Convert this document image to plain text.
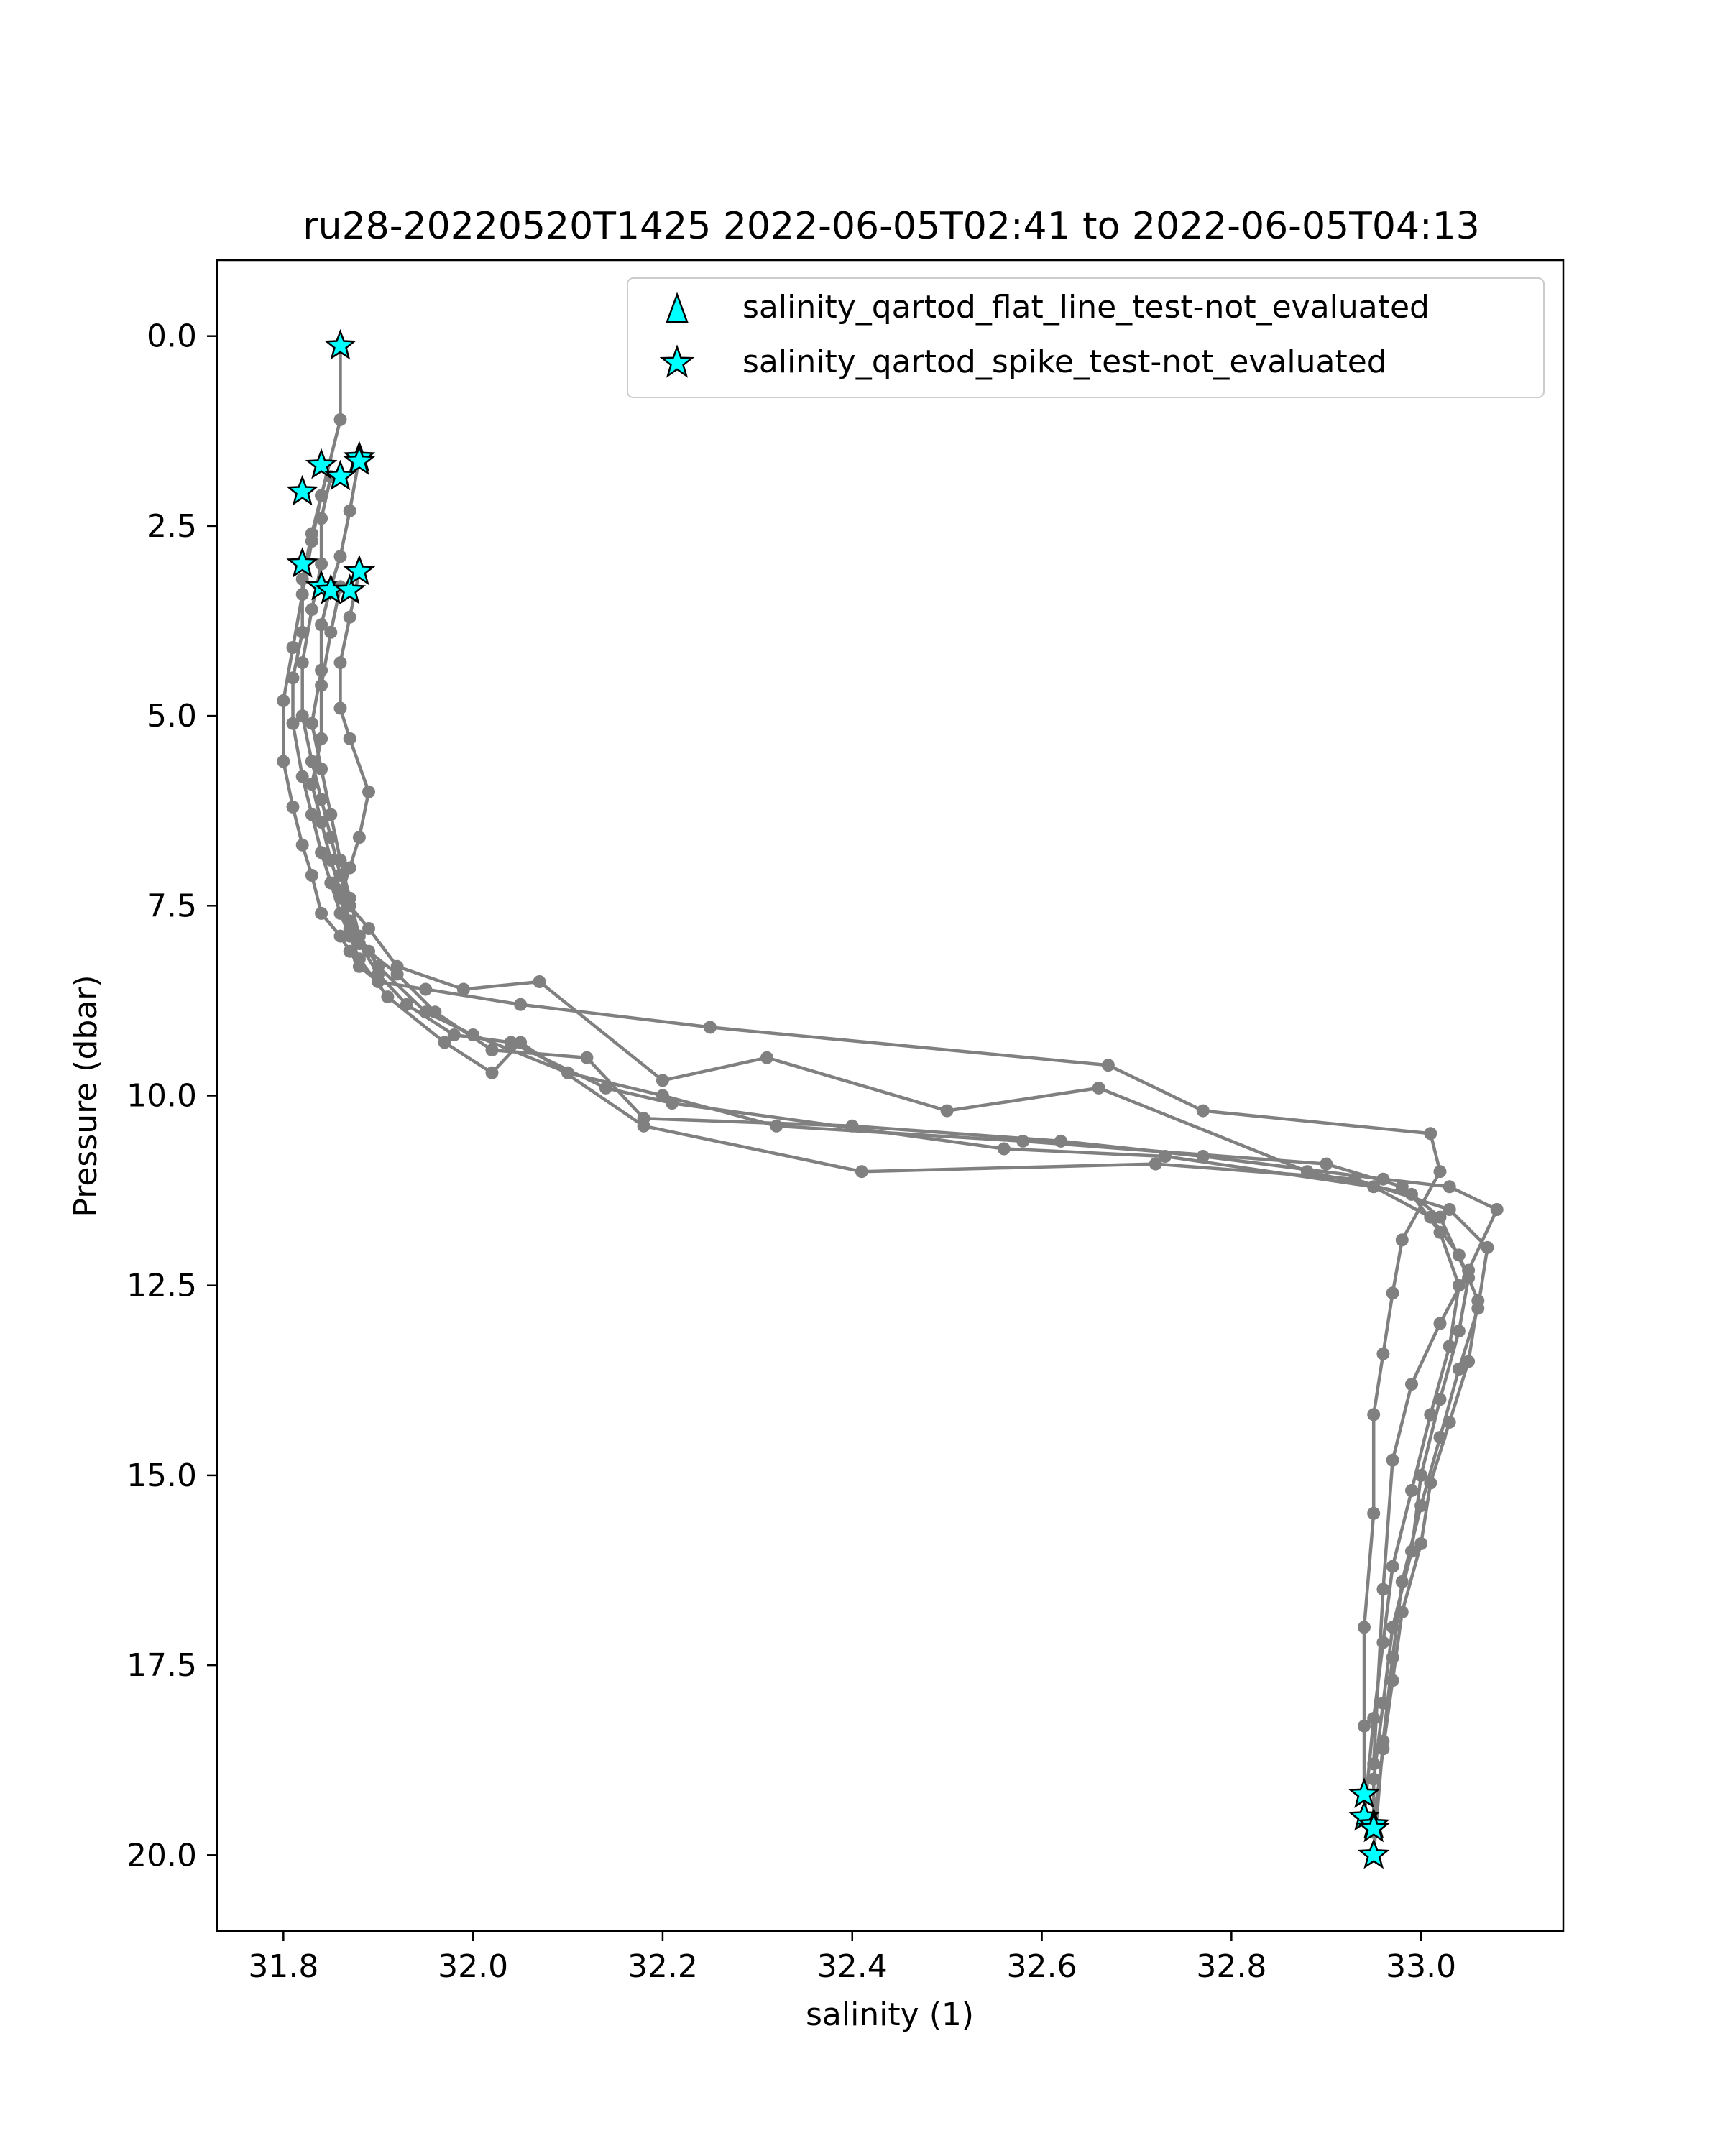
ru28-20220520T1425 2022-06-05T02:41 to 2022-06-05T04:13
31.8	32.0	32.2	32.4	32.6	32.8	33.0
0.0
2.5
5.0
7.5
10.0
12.5
15.0
17.5
20.0
salinity (1)
Pressure (dbar)
salinity_qartod_flat_line_test-not_evaluated
salinity_qartod_spike_test-not_evaluated
